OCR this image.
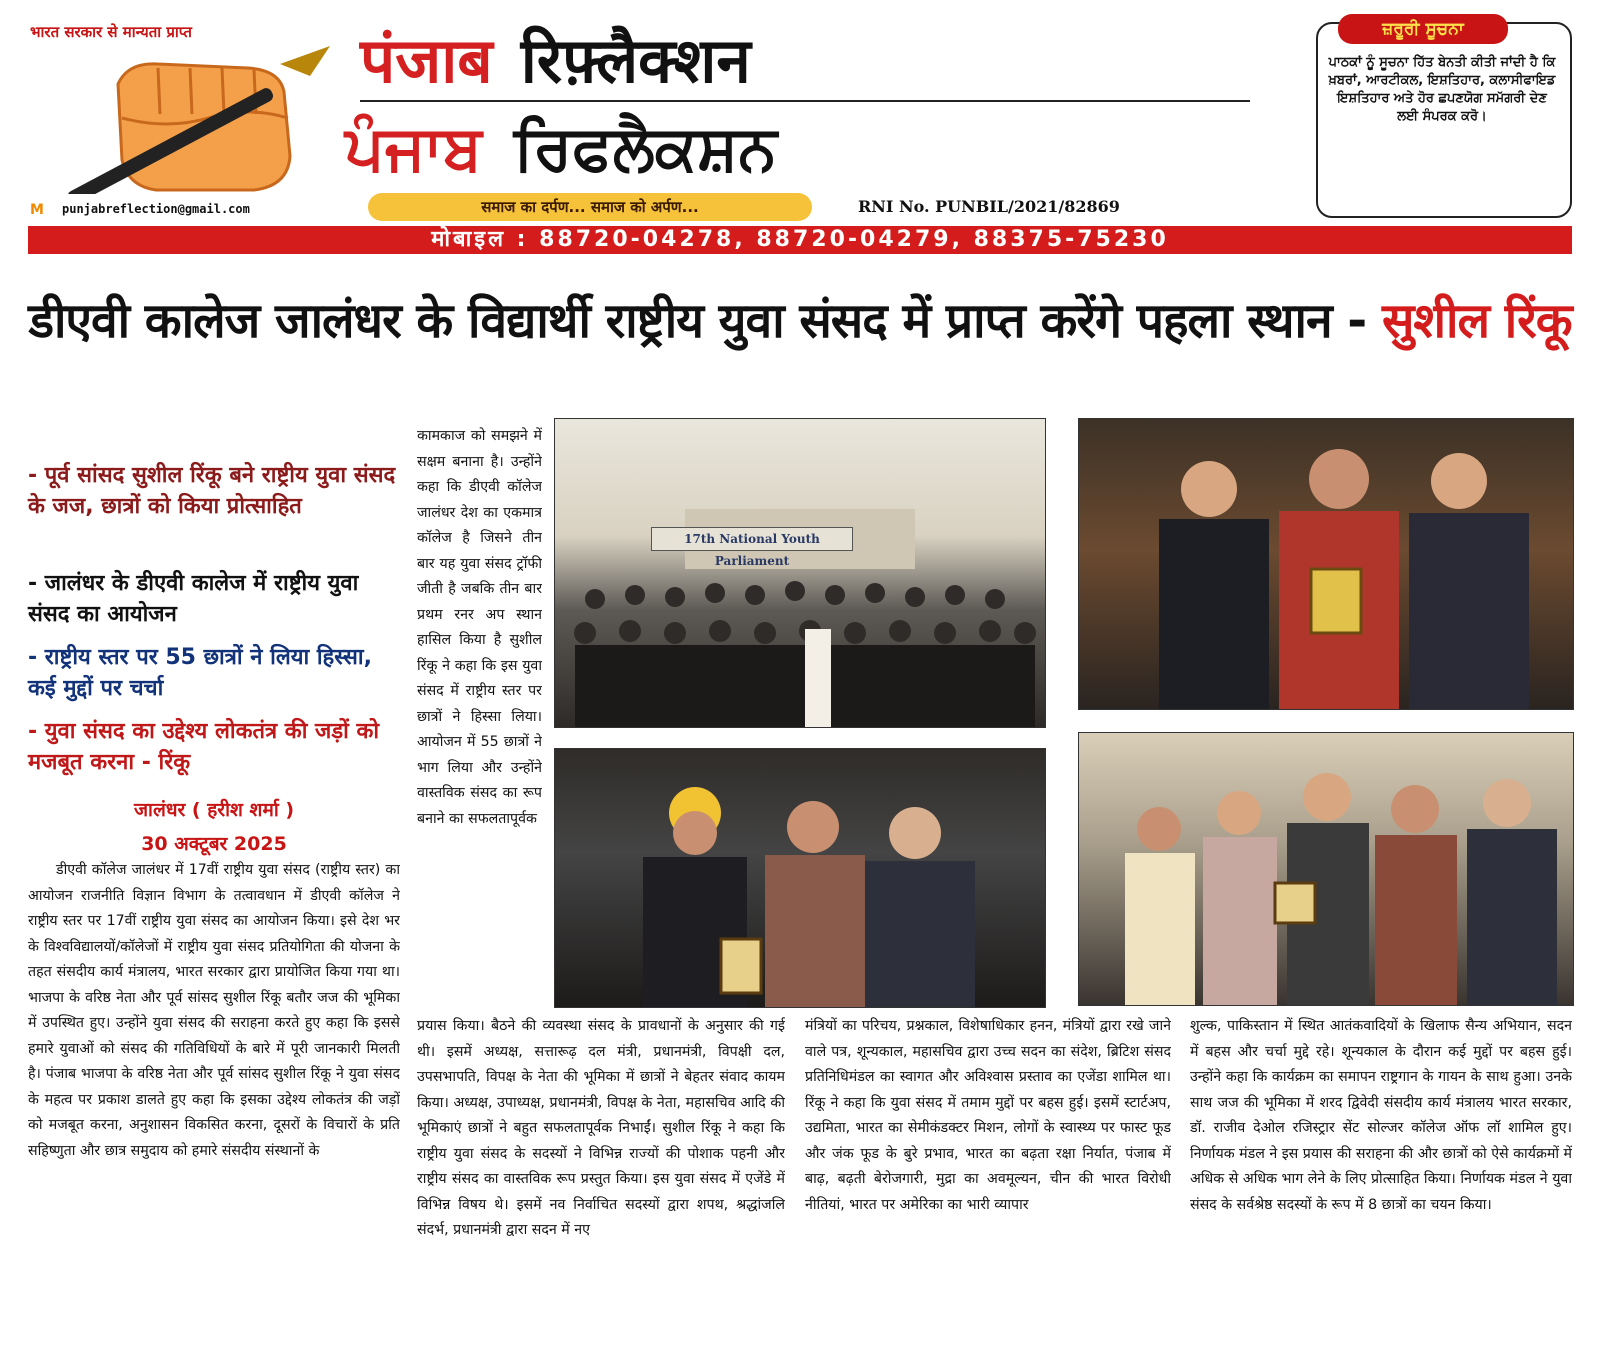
भारत सरकार से मान्यता प्राप्त
M punjabreflection@gmail.com
पंजाब रिफ़्लैक्शन
ਪੰਜਾਬ ਰਿਫਲੈਕਸ਼ਨ
समाज का दर्पण... समाज को अर्पण...	RNI No. PUNBIL/2021/82869
ਜ਼ਰੂਰੀ ਸੂਚਨਾ
ਪਾਠਕਾਂ ਨੂੰ ਸੂਚਨਾ ਹਿੱਤ ਬੇਨਤੀ ਕੀਤੀ ਜਾਂਦੀ ਹੈ ਕਿ ਖ਼ਬਰਾਂ, ਆਰਟੀਕਲ, ਇਸ਼ਤਿਹਾਰ, ਕਲਾਸੀਫਾਇਡ ਇਸ਼ਤਿਹਾਰ ਅਤੇ ਹੋਰ ਛਪਣਯੋਗ ਸਮੱਗਰੀ ਦੇਣ ਲਈ ਸੰਪਰਕ ਕਰੋ।
मोबाइल : 88720-04278, 88720-04279, 88375-75230
डीएवी कालेज जालंधर के विद्यार्थी राष्ट्रीय युवा संसद में प्राप्त करेंगे पहला स्थान - सुशील रिंकू
- पूर्व सांसद सुशील रिंकू बने राष्ट्रीय युवा संसद के जज, छात्रों को किया प्रोत्साहित
- जालंधर के डीएवी कालेज में राष्ट्रीय युवा संसद का आयोजन
- राष्ट्रीय स्तर पर 55 छात्रों ने लिया हिस्सा, कई मुद्दों पर चर्चा
- युवा संसद का उद्देश्य लोकतंत्र की जड़ों को मजबूत करना - रिंकू
जालंधर ( हरीश शर्मा )
30 अक्टूबर 2025
डीएवी कॉलेज जालंधर में 17वीं राष्ट्रीय युवा संसद (राष्ट्रीय स्तर) का आयोजन राजनीति विज्ञान विभाग के तत्वावधान में डीएवी कॉलेज ने राष्ट्रीय स्तर पर 17वीं राष्ट्रीय युवा संसद का आयोजन किया। इसे देश भर के विश्वविद्यालयों/कॉलेजों में राष्ट्रीय युवा संसद प्रतियोगिता की योजना के तहत संसदीय कार्य मंत्रालय, भारत सरकार द्वारा प्रायोजित किया गया था। भाजपा के वरिष्ठ नेता और पूर्व सांसद सुशील रिंकू बतौर जज की भूमिका में उपस्थित हुए। उन्होंने युवा संसद की सराहना करते हुए कहा कि इससे हमारे युवाओं को संसद की गतिविधियों के बारे में पूरी जानकारी मिलती है। पंजाब भाजपा के वरिष्ठ नेता और पूर्व सांसद सुशील रिंकू ने युवा संसद के महत्व पर प्रकाश डालते हुए कहा कि इसका उद्देश्य लोकतंत्र की जड़ों को मजबूत करना, अनुशासन विकसित करना, दूसरों के विचारों के प्रति सहिष्णुता और छात्र समुदाय को हमारे संसदीय संस्थानों के
कामकाज को समझने में सक्षम बनाना है। उन्होंने कहा कि डीएवी कॉलेज जालंधर देश का एकमात्र कॉलेज है जिसने तीन बार यह युवा संसद ट्रॉफी जीती है जबकि तीन बार प्रथम रनर अप स्थान हासिल किया है सुशील रिंकू ने कहा कि इस युवा संसद में राष्ट्रीय स्तर पर छात्रों ने हिस्सा लिया। आयोजन में 55 छात्रों ने भाग लिया और उन्होंने वास्तविक संसद का रूप बनाने का सफलतापूर्वक
प्रयास किया। बैठने की व्यवस्था संसद के प्रावधानों के अनुसार की गई थी। इसमें अध्यक्ष, सत्तारूढ़ दल मंत्री, प्रधानमंत्री, विपक्षी दल, उपसभापति, विपक्ष के नेता की भूमिका में छात्रों ने बेहतर संवाद कायम किया। अध्यक्ष, उपाध्यक्ष, प्रधानमंत्री, विपक्ष के नेता, महासचिव आदि की भूमिकाएं छात्रों ने बहुत सफलतापूर्वक निभाईं। सुशील रिंकू ने कहा कि राष्ट्रीय युवा संसद के सदस्यों ने विभिन्न राज्यों की पोशाक पहनी और राष्ट्रीय संसद का वास्तविक रूप प्रस्तुत किया। इस युवा संसद में एजेंडे में विभिन्न विषय थे। इसमें नव निर्वाचित सदस्यों द्वारा शपथ, श्रद्धांजलि संदर्भ, प्रधानमंत्री द्वारा सदन में नए
मंत्रियों का परिचय, प्रश्नकाल, विशेषाधिकार हनन, मंत्रियों द्वारा रखे जाने वाले पत्र, शून्यकाल, महासचिव द्वारा उच्च सदन का संदेश, ब्रिटिश संसद प्रतिनिधिमंडल का स्वागत और अविश्वास प्रस्ताव का एजेंडा शामिल था। रिंकू ने कहा कि युवा संसद में तमाम मुद्दों पर बहस हुई। इसमें स्टार्टअप, उद्यमिता, भारत का सेमीकंडक्टर मिशन, लोगों के स्वास्थ्य पर फास्ट फूड और जंक फूड के बुरे प्रभाव, भारत का बढ़ता रक्षा निर्यात, पंजाब में बाढ़, बढ़ती बेरोजगारी, मुद्रा का अवमूल्यन, चीन की भारत विरोधी नीतियां, भारत पर अमेरिका का भारी व्यापार
शुल्क, पाकिस्तान में स्थित आतंकवादियों के खिलाफ सैन्य अभियान, सदन में बहस और चर्चा मुद्दे रहे। शून्यकाल के दौरान कई मुद्दों पर बहस हुई। उन्होंने कहा कि कार्यक्रम का समापन राष्ट्रगान के गायन के साथ हुआ। उनके साथ जज की भूमिका में शरद द्विवेदी संसदीय कार्य मंत्रालय भारत सरकार, डॉ. राजीव देओल रजिस्ट्रार सेंट सोल्जर कॉलेज ऑफ लॉ शामिल हुए। निर्णायक मंडल ने इस प्रयास की सराहना की और छात्रों को ऐसे कार्यक्रमों में अधिक से अधिक भाग लेने के लिए प्रोत्साहित किया। निर्णायक मंडल ने युवा संसद के सर्वश्रेष्ठ सदस्यों के रूप में 8 छात्रों का चयन किया।
17th National Youth Parliament
